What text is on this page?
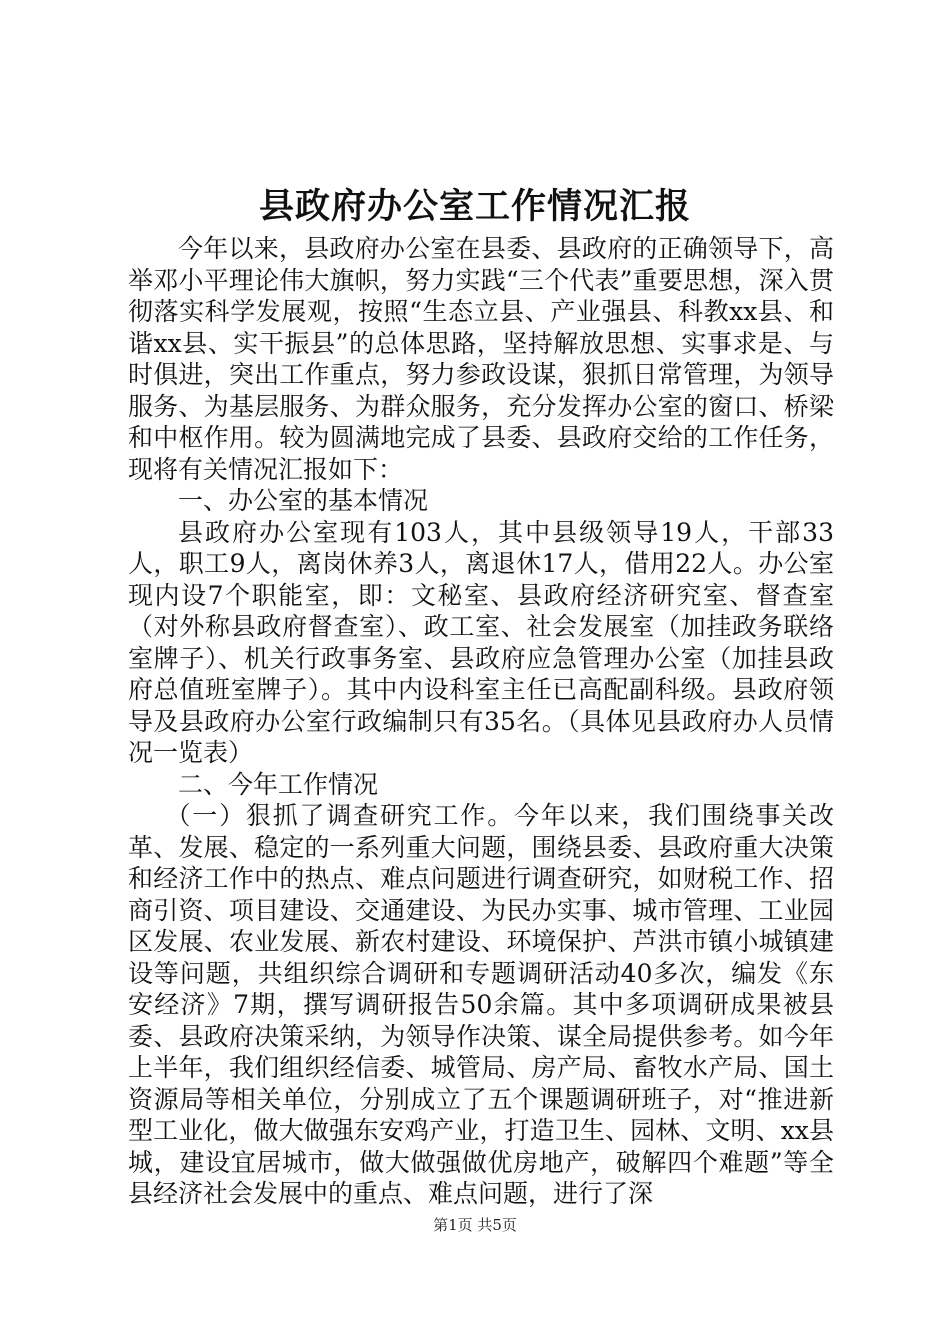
县政府办公室工作情况汇报

今年以来，县政府办公室在县委、县政府的正确领导下，高举邓小平理论伟大旗帜，努力实践“三个代表”重要思想，深入贯彻落实科学发展观，按照“生态立县、产业强县、科教xx县、和谐xx县、实干振县”的总体思路，坚持解放思想、实事求是、与时俱进，突出工作重点，努力参政设谋，狠抓日常管理，为领导服务、为基层服务、为群众服务，充分发挥办公室的窗口、桥梁和中枢作用。较为圆满地完成了县委、县政府交给的工作任务，现将有关情况汇报如下：

一、办公室的基本情况

县政府办公室现有103人，其中县级领导19人，干部33人，职工9人，离岗休养3人，离退休17人，借用22人。办公室现内设7个职能室，即：文秘室、县政府经济研究室、督查室（对外称县政府督查室）、政工室、社会发展室（加挂政务联络室牌子）、机关行政事务室、县政府应急管理办公室（加挂县政府总值班室牌子）。其中内设科室主任已高配副科级。县政府领导及县政府办公室行政编制只有35名。（具体见县政府办人员情况一览表）

二、今年工作情况

（一）狠抓了调查研究工作。今年以来，我们围绕事关改革、发展、稳定的一系列重大问题，围绕县委、县政府重大决策和经济工作中的热点、难点问题进行调查研究，如财税工作、招商引资、项目建设、交通建设、为民办实事、城市管理、工业园区发展、农业发展、新农村建设、环境保护、芦洪市镇小城镇建设等问题，共组织综合调研和专题调研活动40多次，编发《东安经济》7期，撰写调研报告50余篇。其中多项调研成果被县委、县政府决策采纳，为领导作决策、谋全局提供参考。如今年上半年，我们组织经信委、城管局、房产局、畜牧水产局、国土资源局等相关单位，分别成立了五个课题调研班子，对“推进新型工业化，做大做强东安鸡产业，打造卫生、园林、文明、xx县城，建设宜居城市，做大做强做优房地产，破解四个难题”等全县经济社会发展中的重点、难点问题，进行了深

第1页 共5页
